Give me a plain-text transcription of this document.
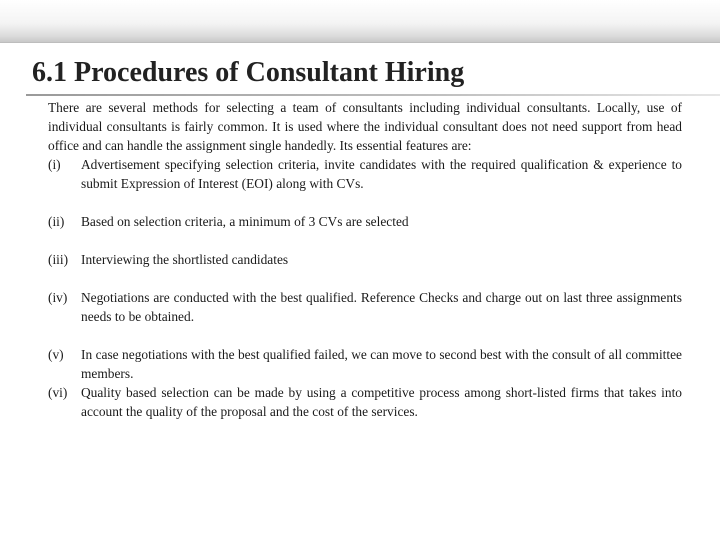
6.1 Procedures of Consultant Hiring

There are several methods for selecting a team of consultants including individual consultants. Locally, use of individual consultants is fairly common. It is used where the individual consultant does not need support from head office and can handle the assignment single handedly. Its essential features are:

(i)	Advertisement specifying selection criteria, invite candidates with the required qualification & experience to submit Expression of Interest (EOI) along with CVs.
(ii)	Based on selection criteria, a minimum of 3 CVs are selected
(iii) Interviewing the shortlisted candidates
(iv)	Negotiations are conducted with the best qualified. Reference Checks and charge out on last three assignments needs to be obtained.
(v)	In case negotiations with the best qualified failed, we can move to second best with the consult of all committee members.
(vi)	Quality based selection can be made by using a competitive process among short-listed firms that takes into account the quality of the proposal and the cost of the services.
